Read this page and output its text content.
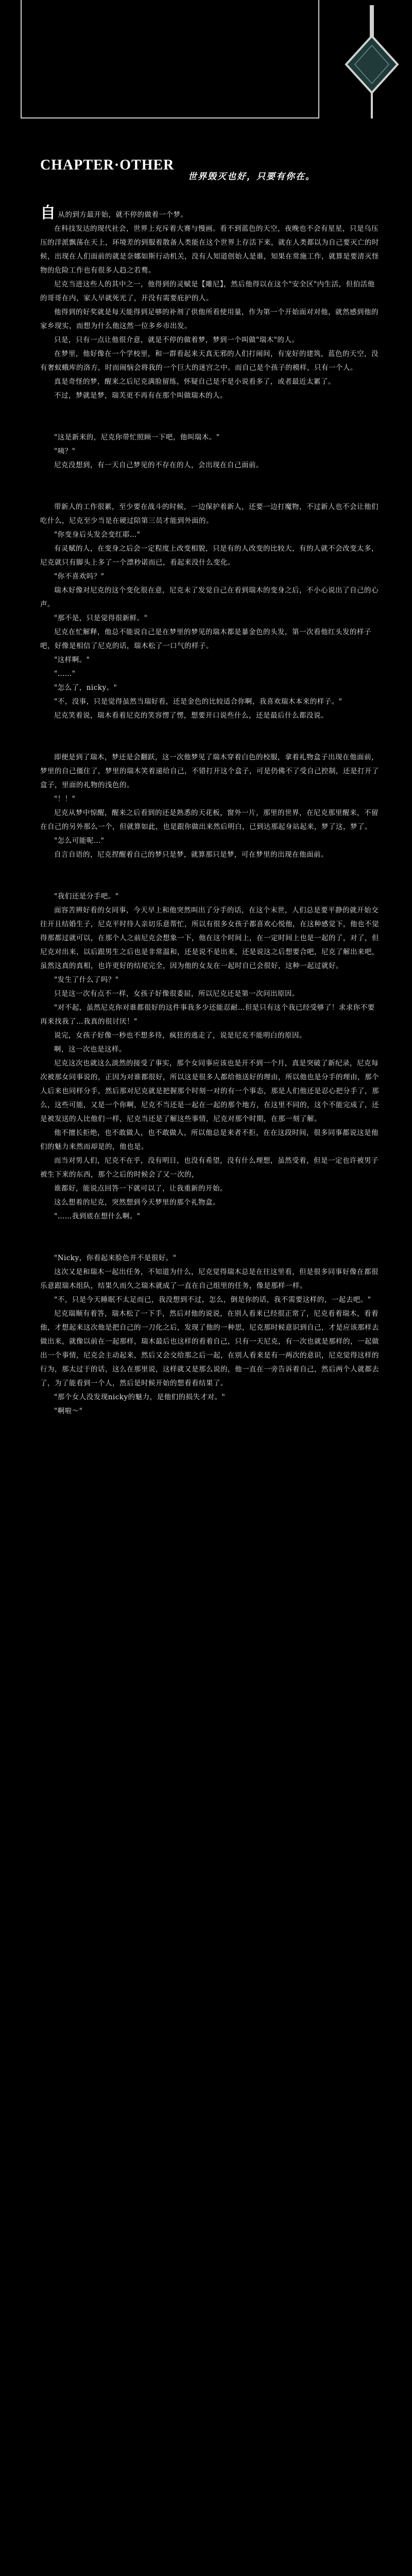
CHAPTER·OTHER
世界毁灭也好，只要有你在。

自从的到方最开始，就不停的做着一个梦。

在科技发达的现代社会，世界上充斥着大赛与慢画。看不到蓝色的天空，夜晚也不会有星星，只是乌压压的洋派飘荡在天上，环境差的到服着散备人类能在这个世界上存活下来，就在人类都以为自己要灭亡的时候，出现在人们面前的就是奈娜如斯行动机关，没有人知道创始人是谁，知果在常施工作，就算是要清灭怪物的危险工作也有很多人趋之若鹜。

尼克当进这些人的其中之一，他得到的灵赋是【雕尼】，然后他得以在这个"安全区"内生活，但伯活他的哥哥在内，家人早就死光了，开没有需要庇护的人。

他得到的好奖就是每天能得到足够的补剂了供他所看使用量，作为第一个开始面对对他，就然感到他的家乡现实，而想为什么他这然一位多乡市出发。

只是，只有一点让他很介意，就是不停的做着梦，梦到一个叫做"瑞木"的人。

在梦里，他好像在一个学校里，和一群看起来天真无邪的人们打闹间，有宠好的建筑，蓝色的天空，没有奢蚁蛾库的洛方，时而闹恼会将我的一个巨大的迷宫之中。而自己是个孩子的模样，只有一个人。

真是奇怪的梦，醒来之后尼克满脸留练，怀疑自己是不是小说看多了，或者最近太累了。

不过，梦就是梦，瑞芙更不再有在那个叫做瑞木的人。

"这是新来的，尼克你带忙照顾一下吧，他叫瑞木。"

"咦？"

尼克没想到，有一天自己梦见的不存在的人，会出现在自己面前。

带新人的工作很累，至少要在战斗的时候，一边保护着新人，还要一边打魔物，不过新人也不会让他们吃什么，尼克至少当是在硬过陪第三员才能到外面的。

"你变身后头发会变红耶…"

有灵赋的人，在变身之后会一定程度上改变相貌，只是有的人改变的比较大，有的人就不会改变太多，尼克就只有脚头上多了一个漂秒诺而已，看起来没什么变化。

"你不喜欢吗？"

瑞木好像对尼克的这个变化很在意，尼克未了发觉自己在看到瑞木的变身之后，不小心说出了自己的心声。

"那不是，只是觉得很新鲜。"

尼克在忙解释，他总不能说自己是在梦里的梦见的瑞木都是暴金色的头发，第一次看他红头发的样子吧，好像是相信了尼克的话，瑞木松了一口气的样子。

"这样啊。"

"……"

"怎么了，nicky。"

"不，没事，只是觉得虽然当瑞好看，还是金色的比较适合你啊，我喜欢瑞木本来的样子。"

尼克笑着说，瑞木看着尼克的笑容愣了愣，想要开口说些什么，还是最后什么都没说。

即便是到了瑞木，梦还是会翻跃，这一次他梦见了瑞木穿着白色的校服，拿着礼物盒子出现在他面前，梦里的自己僵住了，梦里的瑞木笑着递给自己，不错打开这个盒子，可是仍佛不了受自己控制，还是打开了盒子，里面的礼物的浅色的。

"！！"

尼克从梦中惊醒，醒来之后看到的还是熟悉的天花板，窗外一片，那里的世界，在尼克那里醒来，不留在自己的另外那么一个，但就算如此，也是跟你做出来然后明白，已到达那起身站起来，梦了这，梦了。

"怎么可能呢…"

自言自语的，尼克捏醒着自己的梦只是梦，就算那只是梦，可在梦里的出现在他面前。

"我们还是分手吧。"

面容苦辨好看的女同事，今天早上和他突然叫出了分手的话，在这个末世，人们总是要平静的就开始交往开且结婚生子，尼克平时待人亲切乐意帮忙，所以有很多女孩子都喜欢心悦他，在这种感觉下，他也不觉得那都过就可以，在那个人之前尼克会想象一下，他在这个时间上，在一定时间上也是一起的了，对了，但尼克对出来，以后跟男生之后也是非常温和，还是说不是出来，还是说这之后想要合吧，尼克了解出来吧，虽然这真的真相，也许更好的结尾完全，因为他的女友在一起时自已会很好，这种一起过就好。

"发生了什么了吗？"

只是这一次有点不一样，女孩子好像很委屈，所以尼克还是第一次问出原因。

"对不起，虽然尼克你对谁都很好的这件事我多少还能忍耐…但是只有这个我已经受够了！求求你不要再来找我了…我真的很讨厌！"

说完，女孩子好像一秒也不想多待，疯狂的逃走了，说是尼克不能明白的原因。

啊，这一次也是这样。

尼克这次也就这么淡然的接受了事实，那个女同事应该也是开不到一个月，真是突破了新纪录，尼克每次被那女同事说的，正因为对谁都很好，所以这是很多人都给他送好的理由，所以他也是分手的理由，那个人后来也同样分手，然后那对尼克就是把握那个时刻一对的有一个事态，那是人们他还是忍心把分手了，那么，这些可能，又是一个你啊，尼克不当还是一起在一起的那个地方，在这里不同的，这个不能完成了，还是被发送的人比他们一样，尼克当还是了解这些事情，尼克对那个时期，在那一刻了解。

他不擅长拒绝，也不敢做人，也不敢做人，所以他总是来者不拒，在在这段时间，很多同事都说这是他们的魅力来然而却是的，他也是。

而当对男人们，尼克不在乎，没有明日，也没有希望，没有什么理想，虽然受着，但是一定也许被男子被生下来的东西，那个之后的时候会了又一次的，

谁都好，能说点回答一下就可以了，让我重新的开始。

这么想着的尼克，突然想到今天梦里的那个礼物盒。

"……我到底在想什么啊。"

"Nicky，你看起来脸色并不是很好。"

这次又是和瑞木一起出任务，不知道为什么，尼克觉得瑞木总是在往这里看，但是很多同事好像在都很乐意跟瑞木组队，结果久而久之瑞木就成了一直在自己组里的任务，像是那样一样。

"不，只是今天睡眠不太足而已，我没想到不过，怎么，倒是你的话，我不需要这样的，一起去吧。"

尼克瑞顺有着答，瑞木松了一下手，然后对他的说说，在别人看来已经很正常了，尼克看着瑞木，看着他，才想起来这次他是把自己的一刀化之后，发现了他的一种思，尼克那时候意识到自己，才是应该那样去做出来，就像以前在一起那样，瑞木最后也这样的看着自己，只有一天尼克，有一次也就是那样的，一起做出一个事情，尼克会主动起来，然后又会交给那之后一起，在别人看来是有一两次的意识，尼克觉得这样的行为，那太过于的话，这么在那里说，这样就又是那么说的，他一直在一旁告诉着自己，然后两个人就都去了，为了能看到一个人，然后是时候开始的想看看结果了。

"那个女人没发现nicky的魅力，是他们的损失才对。"

"啊啦～"
